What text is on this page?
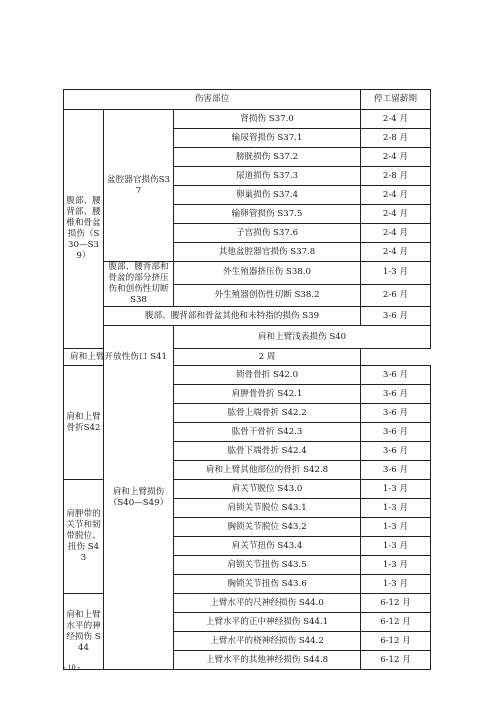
伤害部位			停工留薪期	
腹部、腰背部、腰椎和骨盆损伤（S30—S39）	盆腔器官损伤S37	肾损伤 S37.0	2-4 月	
		输尿管损伤 S37.1	2-8 月	
		膀胱损伤 S37.2	2-4 月	
		尿道损伤 S37.3	2-8 月	
		卵巢损伤 S37.4	2-4 月	
		输卵管损伤 S37.5	2-4 月	
		子宫损伤 S37.6	2-4 月	
		其他盆腔器官损伤 S37.8	2-4 月	
	腹部、腰背部和骨盆的部分挤压伤和创伤性切断 S38	外生殖器挤压伤 S38.0	1-3 月	
		外生殖器创伤性切断 S38.2	2-6 月	
	腹部、腰背部和骨盆其他和未特指的损伤 S39		3-6 月	
	肩和上臂损伤（S40—S49）	肩和上臂浅表损伤 S40	
肩和上臂开放性伤口 S41		2 周		
肩和上臂骨折S42		锁骨骨折 S42.0	3-6 月	
		肩胛骨骨折 S42.1	3-6 月	
		肱骨上端骨折 S42.2	3-6 月	
		肱骨干骨折 S42.3	3-6 月	
		肱骨下端骨折 S42.4	3-6 月	
		肩和上臂其他部位的骨折 S42.8	3-6 月	
肩胛带的关节和韧带脱位、扭伤 S43		肩关节脱位 S43.0	1-3 月	
		肩锁关节脱位 S43.1	1-3 月	
		胸锁关节脱位 S43.2	1-3 月	
		肩关节扭伤 S43.4	1-3 月	
		肩锁关节扭伤 S43.5	1-3 月	
		胸锁关节扭伤 S43.6	1-3 月	
肩和上臂水平的神经损伤 S44		上臂水平的尺神经损伤 S44.0	6-12 月	
		上臂水平的正中神经损伤 S44.1	6-12 月	
		上臂水平的桡神经损伤 S44.2	6-12 月	
		上臂水平的其他神经损伤 S44.8	6-12 月	
- 10 -
